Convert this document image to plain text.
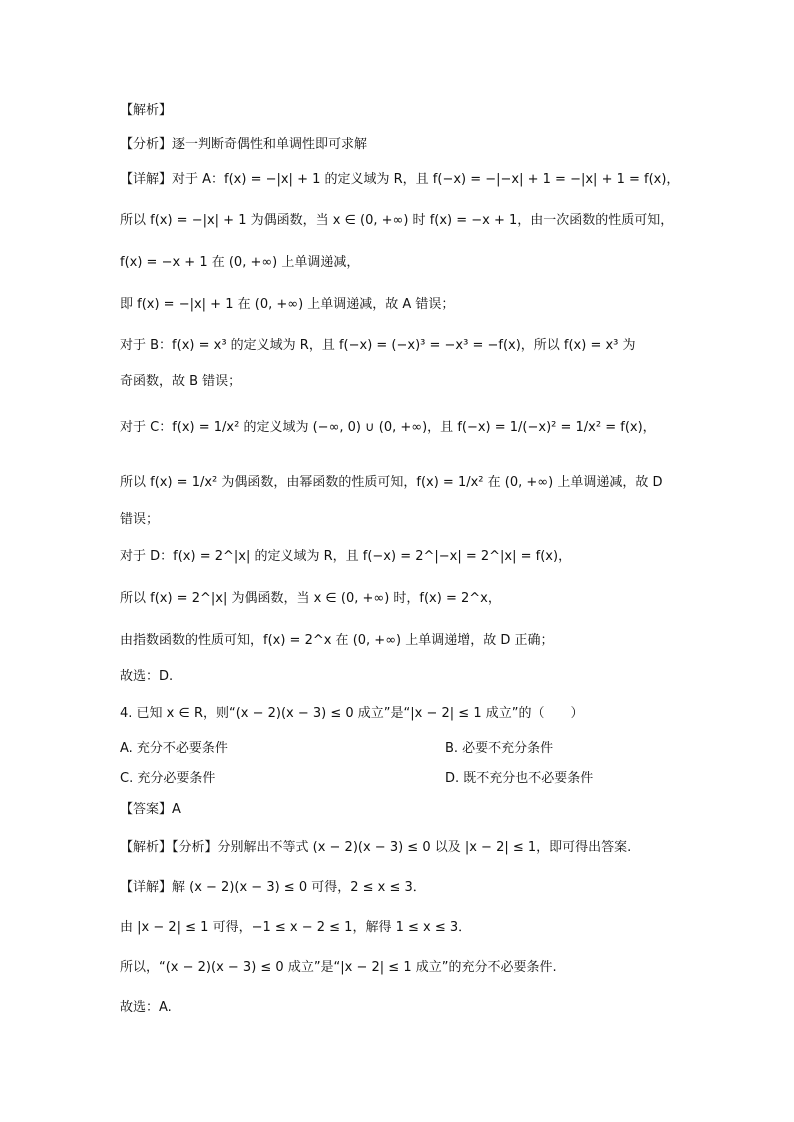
【解析】
【分析】逐一判断奇偶性和单调性即可求解
【详解】对于 A：f(x) = −|x| + 1 的定义域为 R，且 f(−x) = −|−x| + 1 = −|x| + 1 = f(x)，
所以 f(x) = −|x| + 1 为偶函数，当 x ∈ (0, +∞) 时 f(x) = −x + 1，由一次函数的性质可知，
f(x) = −x + 1 在 (0, +∞) 上单调递减，
即 f(x) = −|x| + 1 在 (0, +∞) 上单调递减，故 A 错误；
对于 B：f(x) = x³ 的定义域为 R，且 f(−x) = (−x)³ = −x³ = −f(x)，所以 f(x) = x³ 为
奇函数，故 B 错误；
对于 C：f(x) = 1/x² 的定义域为 (−∞, 0) ∪ (0, +∞)，且 f(−x) = 1/(−x)² = 1/x² = f(x)，
所以 f(x) = 1/x² 为偶函数，由幂函数的性质可知，f(x) = 1/x² 在 (0, +∞) 上单调递减，故 D
错误；
对于 D：f(x) = 2^|x| 的定义域为 R，且 f(−x) = 2^|−x| = 2^|x| = f(x)，
所以 f(x) = 2^|x| 为偶函数，当 x ∈ (0, +∞) 时，f(x) = 2^x，
由指数函数的性质可知，f(x) = 2^x 在 (0, +∞) 上单调递增，故 D 正确；
故选：D.
4. 已知 x ∈ R，则“(x − 2)(x − 3) ≤ 0 成立”是“|x − 2| ≤ 1 成立”的（　　）
A. 充分不必要条件	B. 必要不充分条件
C. 充分必要条件	D. 既不充分也不必要条件
【答案】A
【解析】【分析】分别解出不等式 (x − 2)(x − 3) ≤ 0 以及 |x − 2| ≤ 1，即可得出答案.
【详解】解 (x − 2)(x − 3) ≤ 0 可得，2 ≤ x ≤ 3．
由 |x − 2| ≤ 1 可得，−1 ≤ x − 2 ≤ 1，解得 1 ≤ x ≤ 3．
所以，“(x − 2)(x − 3) ≤ 0 成立”是“|x − 2| ≤ 1 成立”的充分不必要条件.
故选：A.
